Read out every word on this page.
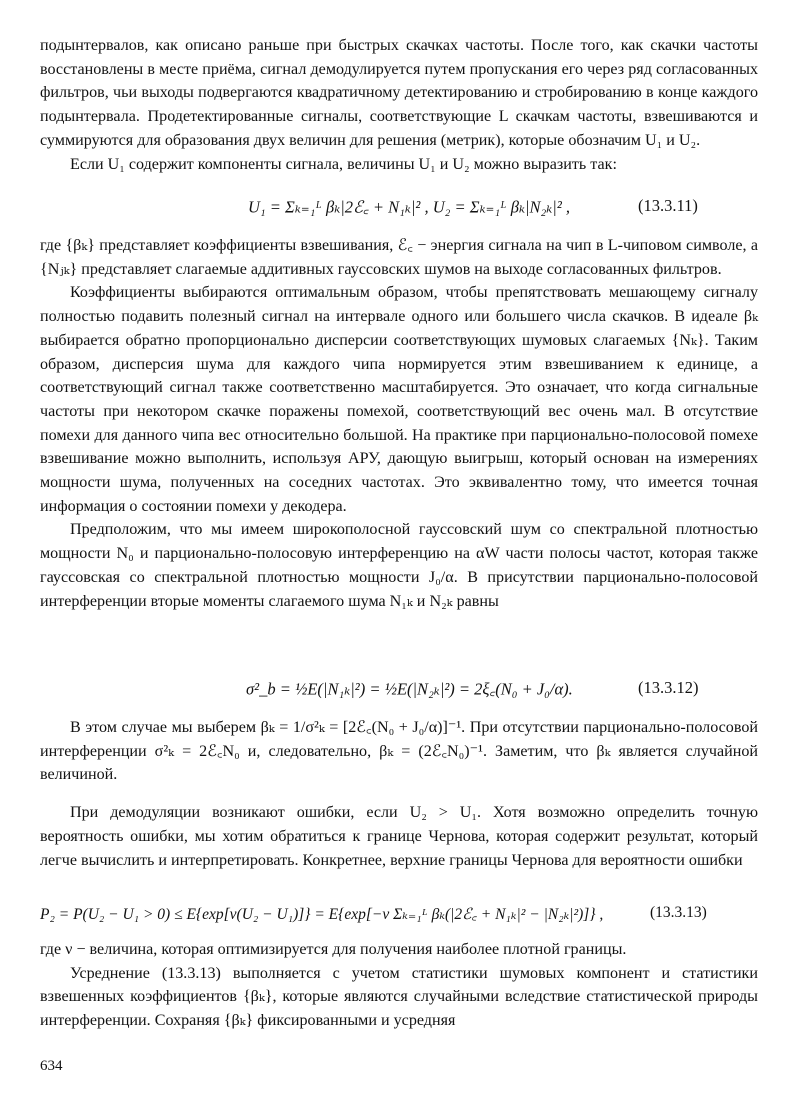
подынтервалов, как описано раньше при быстрых скачках частоты. После того, как скачки частоты восстановлены в месте приёма, сигнал демодулируется путем пропускания его через ряд согласованных фильтров, чьи выходы подвергаются квадратичному детектированию и стробированию в конце каждого подынтервала. Продетектированные сигналы, соответствующие L скачкам частоты, взвешиваются и суммируются для образования двух величин для решения (метрик), которые обозначим U₁ и U₂.

Если U₁ содержит компоненты сигнала, величины U₁ и U₂ можно выразить так:

U₁ = Σₖ₌₁ᴸ βₖ|2ℰ꜀ + N₁ₖ|² , U₂ = Σₖ₌₁ᴸ βₖ|N₂ₖ|² ,	(13.3.11)

где {βₖ} представляет коэффициенты взвешивания, ℰ꜀ − энергия сигнала на чип в L-чиповом символе, а {Nⱼₖ} представляет слагаемые аддитивных гауссовских шумов на выходе согласованных фильтров.

Коэффициенты выбираются оптимальным образом, чтобы препятствовать мешающему сигналу полностью подавить полезный сигнал на интервале одного или большего числа скачков. В идеале βₖ выбирается обратно пропорционально дисперсии соответствующих шумовых слагаемых {Nₖ}. Таким образом, дисперсия шума для каждого чипа нормируется этим взвешиванием к единице, а соответствующий сигнал также соответственно масштабируется. Это означает, что когда сигнальные частоты при некотором скачке поражены помехой, соответствующий вес очень мал. В отсутствие помехи для данного чипа вес относительно большой. На практике при парционально-полосовой помехе взвешивание можно выполнить, используя АРУ, дающую выигрыш, который основан на измерениях мощности шума, полученных на соседних частотах. Это эквивалентно тому, что имеется точная информация о состоянии помехи у декодера.

Предположим, что мы имеем широкополосной гауссовский шум со спектральной плотностью мощности N₀ и парционально-полосовую интерференцию на αW части полосы частот, которая также гауссовская со спектральной плотностью мощности J₀/α. В присутствии парционально-полосовой интерференции вторые моменты слагаемого шума N₁ₖ и N₂ₖ равны

σ²_b = ½E(|N₁ₖ|²) = ½E(|N₂ₖ|²) = 2ξ꜀(N₀ + J₀/α).	(13.3.12)

В этом случае мы выберем βₖ = 1/σ²ₖ = [2ℰ꜀(N₀ + J₀/α)]⁻¹. При отсутствии парционально-полосовой интерференции σ²ₖ = 2ℰ꜀N₀ и, следовательно, βₖ = (2ℰ꜀N₀)⁻¹. Заметим, что βₖ является случайной величиной.

При демодуляции возникают ошибки, если U₂ > U₁. Хотя возможно определить точную вероятность ошибки, мы хотим обратиться к границе Чернова, которая содержит результат, который легче вычислить и интерпретировать. Конкретнее, верхние границы Чернова для вероятности ошибки

P₂ = P(U₂ − U₁ > 0) ≤ E{exp[ν(U₂ − U₁)]} = E{exp[−ν Σₖ₌₁ᴸ βₖ(|2ℰ꜀ + N₁ₖ|² − |N₂ₖ|²)]} ,	(13.3.13)

где ν − величина, которая оптимизируется для получения наиболее плотной границы.

Усреднение (13.3.13) выполняется с учетом статистики шумовых компонент и статистики взвешенных коэффициентов {βₖ}, которые являются случайными вследствие статистической природы интерференции. Сохраняя {βₖ} фиксированными и усредняя

634
